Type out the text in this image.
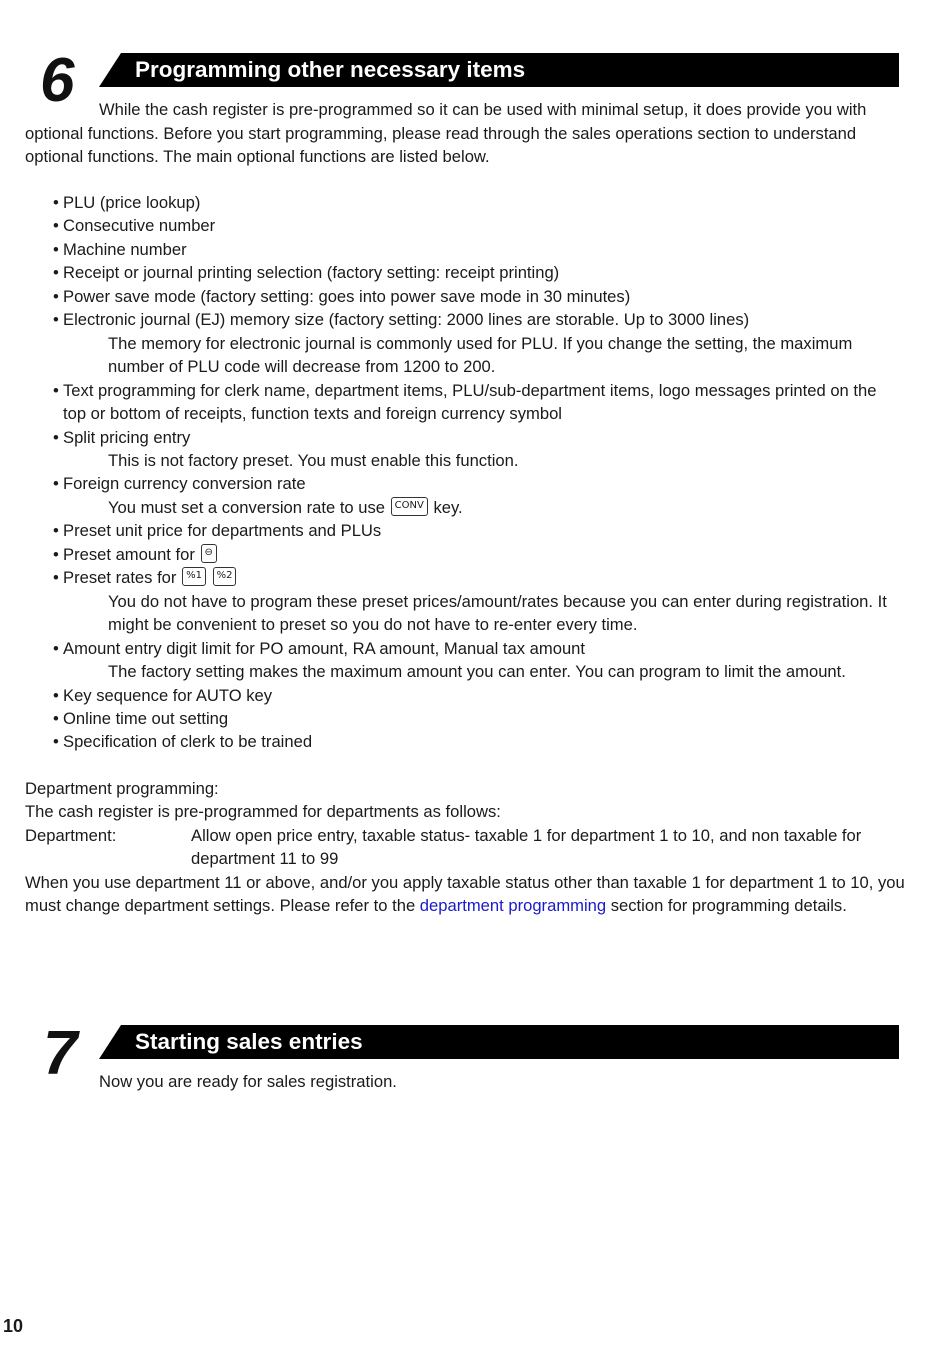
6	Programming other necessary items

While the cash register is pre-programmed so it can be used with minimal setup, it does provide you with optional functions. Before you start programming, please read through the sales operations section to understand optional functions. The main optional functions are listed below.

• PLU (price lookup)
• Consecutive number
• Machine number
• Receipt or journal printing selection (factory setting: receipt printing)
• Power save mode (factory setting: goes into power save mode in 30 minutes)
• Electronic journal (EJ) memory size (factory setting: 2000 lines are storable. Up to 3000 lines)
The memory for electronic journal is commonly used for PLU. If you change the setting, the maximum number of PLU code will decrease from 1200 to 200.
• Text programming for clerk name, department items, PLU/sub-department items, logo messages printed on the top or bottom of receipts, function texts and foreign currency symbol
• Split pricing entry
This is not factory preset. You must enable this function.
• Foreign currency conversion rate
You must set a conversion rate to use CONV key.
• Preset unit price for departments and PLUs
• Preset amount for ⊖
• Preset rates for %1 %2
You do not have to program these preset prices/amount/rates because you can enter during registration. It might be convenient to preset so you do not have to re-enter every time.
• Amount entry digit limit for PO amount, RA amount, Manual tax amount
The factory setting makes the maximum amount you can enter. You can program to limit the amount.
• Key sequence for AUTO key
• Online time out setting
• Specification of clerk to be trained
Department programming:
The cash register is pre-programmed for departments as follows:
Department:	Allow open price entry, taxable status- taxable 1 for department 1 to 10, and non taxable for department 11 to 99
When you use department 11 or above, and/or you apply taxable status other than taxable 1 for department 1 to 10, you must change department settings. Please refer to the department programming section for programming details.
7	Starting sales entries

Now you are ready for sales registration.

10
